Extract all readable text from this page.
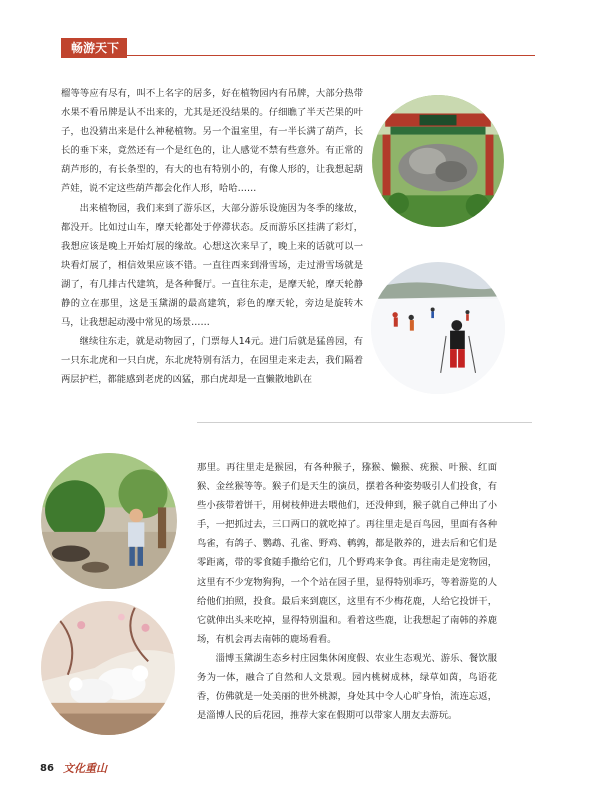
畅游天下

榴等等应有尽有，叫不上名字的居多，好在植物园内有吊牌，大部分热带水果不看吊牌是认不出来的，尤其是还没结果的。仔细瞧了半天芒果的叶子，也没猜出来是什么神秘植物。另一个温室里，有一半长满了葫芦，长长的垂下来，竟然还有一个是红色的，让人感觉不禁有些意外。有正常的葫芦形的，有长条型的，有大的也有特别小的，有像人形的，让我想起葫芦娃，说不定这些葫芦都会化作人形，哈哈……

出来植物园，我们来到了游乐区，大部分游乐设施因为冬季的缘故，都没开。比如过山车，摩天轮都处于停滞状态。反而游乐区挂满了彩灯，我想应该是晚上开始灯展的缘故。心想这次来早了，晚上来的话就可以一块看灯展了，相信效果应该不错。一直往西来到滑雪场，走过滑雪场就是湖了，有几排古代建筑，是各种餐厅。一直往东走，是摩天轮，摩天轮静静的立在那里，这是玉黛湖的最高建筑，彩色的摩天轮，旁边是旋转木马，让我想起动漫中常见的场景……

继续往东走，就是动物园了，门票每人14元。进门后就是猛兽园，有一只东北虎和一只白虎，东北虎特别有活力，在园里走来走去，我们隔着两层护栏，都能感到老虎的凶猛，那白虎却是一直懒散地趴在

那里。再往里走是猴园，有各种猴子，猕猴、懒猴、疣猴、叶猴、红面猴、金丝猴等等。猴子们是天生的演员，摆着各种姿势吸引人们投食，有些小孩带着饼干，用树枝伸进去喂他们，还没伸到，猴子就自己伸出了小手，一把抓过去，三口两口的就吃掉了。再往里走是百鸟园，里面有各种鸟雀，有鸽子、鹦鹉、孔雀、野鸡、鹌鹑，都是散养的，进去后和它们是零距离，带的零食随手撒给它们，几个野鸡来争食。再往南走是宠物园，这里有不少宠物狗狗，一个个站在园子里，显得特别乖巧，等着游览的人给他们拍照，投食。最后来到鹿区，这里有不少梅花鹿，人给它投饼干，它就伸出头来吃掉，显得特别温和。看着这些鹿，让我想起了南韩的养鹿场，有机会再去南韩的鹿场看看。

淄博玉黛湖生态乡村庄园集休闲度假、农业生态观光、游乐、餐饮服务为一体，融合了自然和人文景观。园内桃树成林，绿草如茵，鸟语花香，仿佛就是一处美丽的世外桃源，身处其中令人心旷身怡，流连忘返，是淄博人民的后花园，推荐大家在假期可以带家人朋友去游玩。

86 文化重山
